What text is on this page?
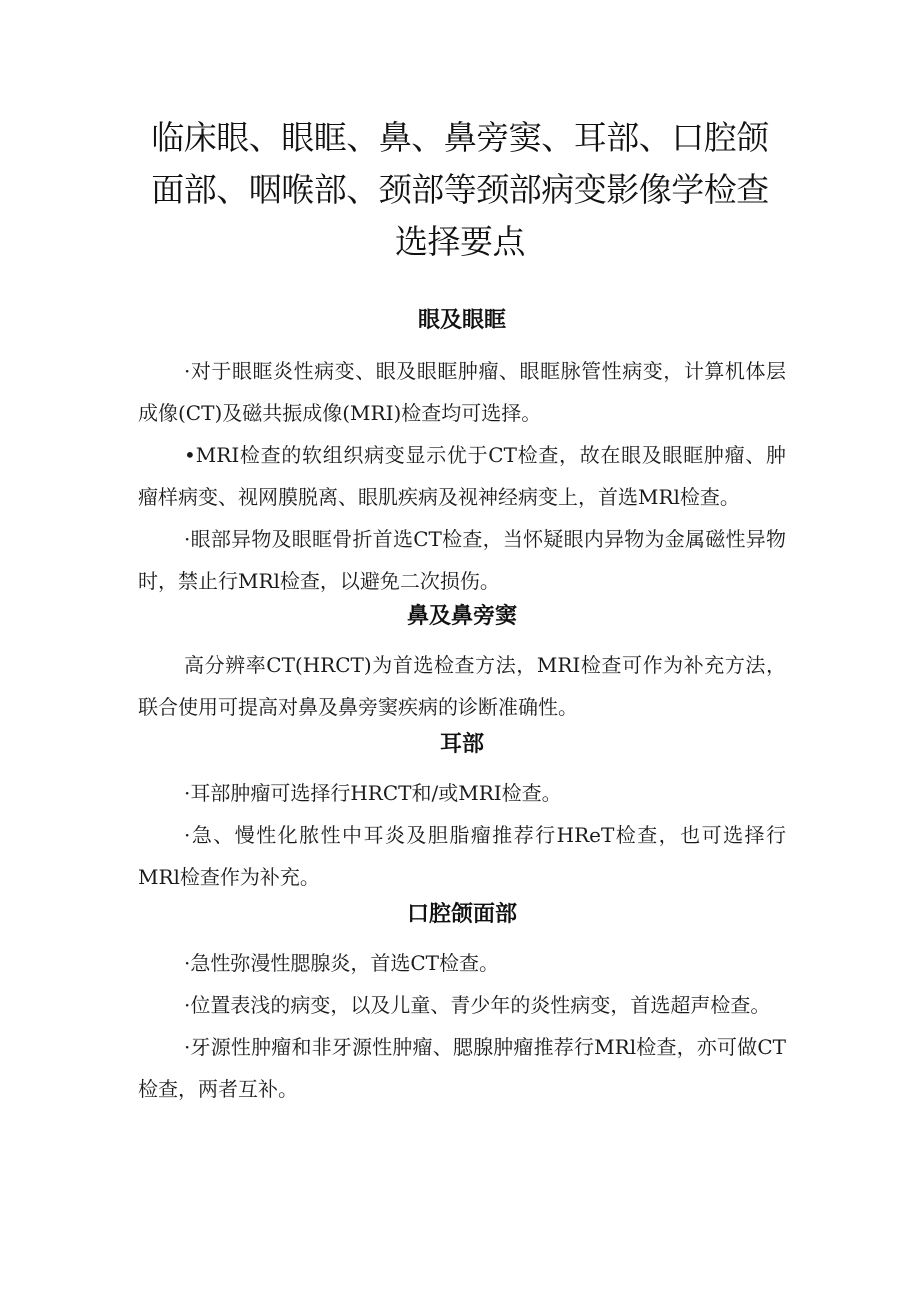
临床眼、眼眶、鼻、鼻旁窦、耳部、口腔颌面部、咽喉部、颈部等颈部病变影像学检查选择要点
眼及眼眶

·对于眼眶炎性病变、眼及眼眶肿瘤、眼眶脉管性病变，计算机体层成像(CT)及磁共振成像(MRI)检查均可选择。

•MRI检查的软组织病变显示优于CT检查，故在眼及眼眶肿瘤、肿瘤样病变、视网膜脱离、眼肌疾病及视神经病变上，首选MRl检查。

·眼部异物及眼眶骨折首选CT检查，当怀疑眼内异物为金属磁性异物时，禁止行MRl检查，以避免二次损伤。

鼻及鼻旁窦

高分辨率CT(HRCT)为首选检查方法，MRI检查可作为补充方法，联合使用可提高对鼻及鼻旁窦疾病的诊断准确性。

耳部

·耳部肿瘤可选择行HRCT和/或MRI检查。

·急、慢性化脓性中耳炎及胆脂瘤推荐行HReT检查，也可选择行MRl检查作为补充。

口腔颌面部

·急性弥漫性腮腺炎，首选CT检查。

·位置表浅的病变，以及儿童、青少年的炎性病变，首选超声检查。

·牙源性肿瘤和非牙源性肿瘤、腮腺肿瘤推荐行MRl检查，亦可做CT检查，两者互补。
